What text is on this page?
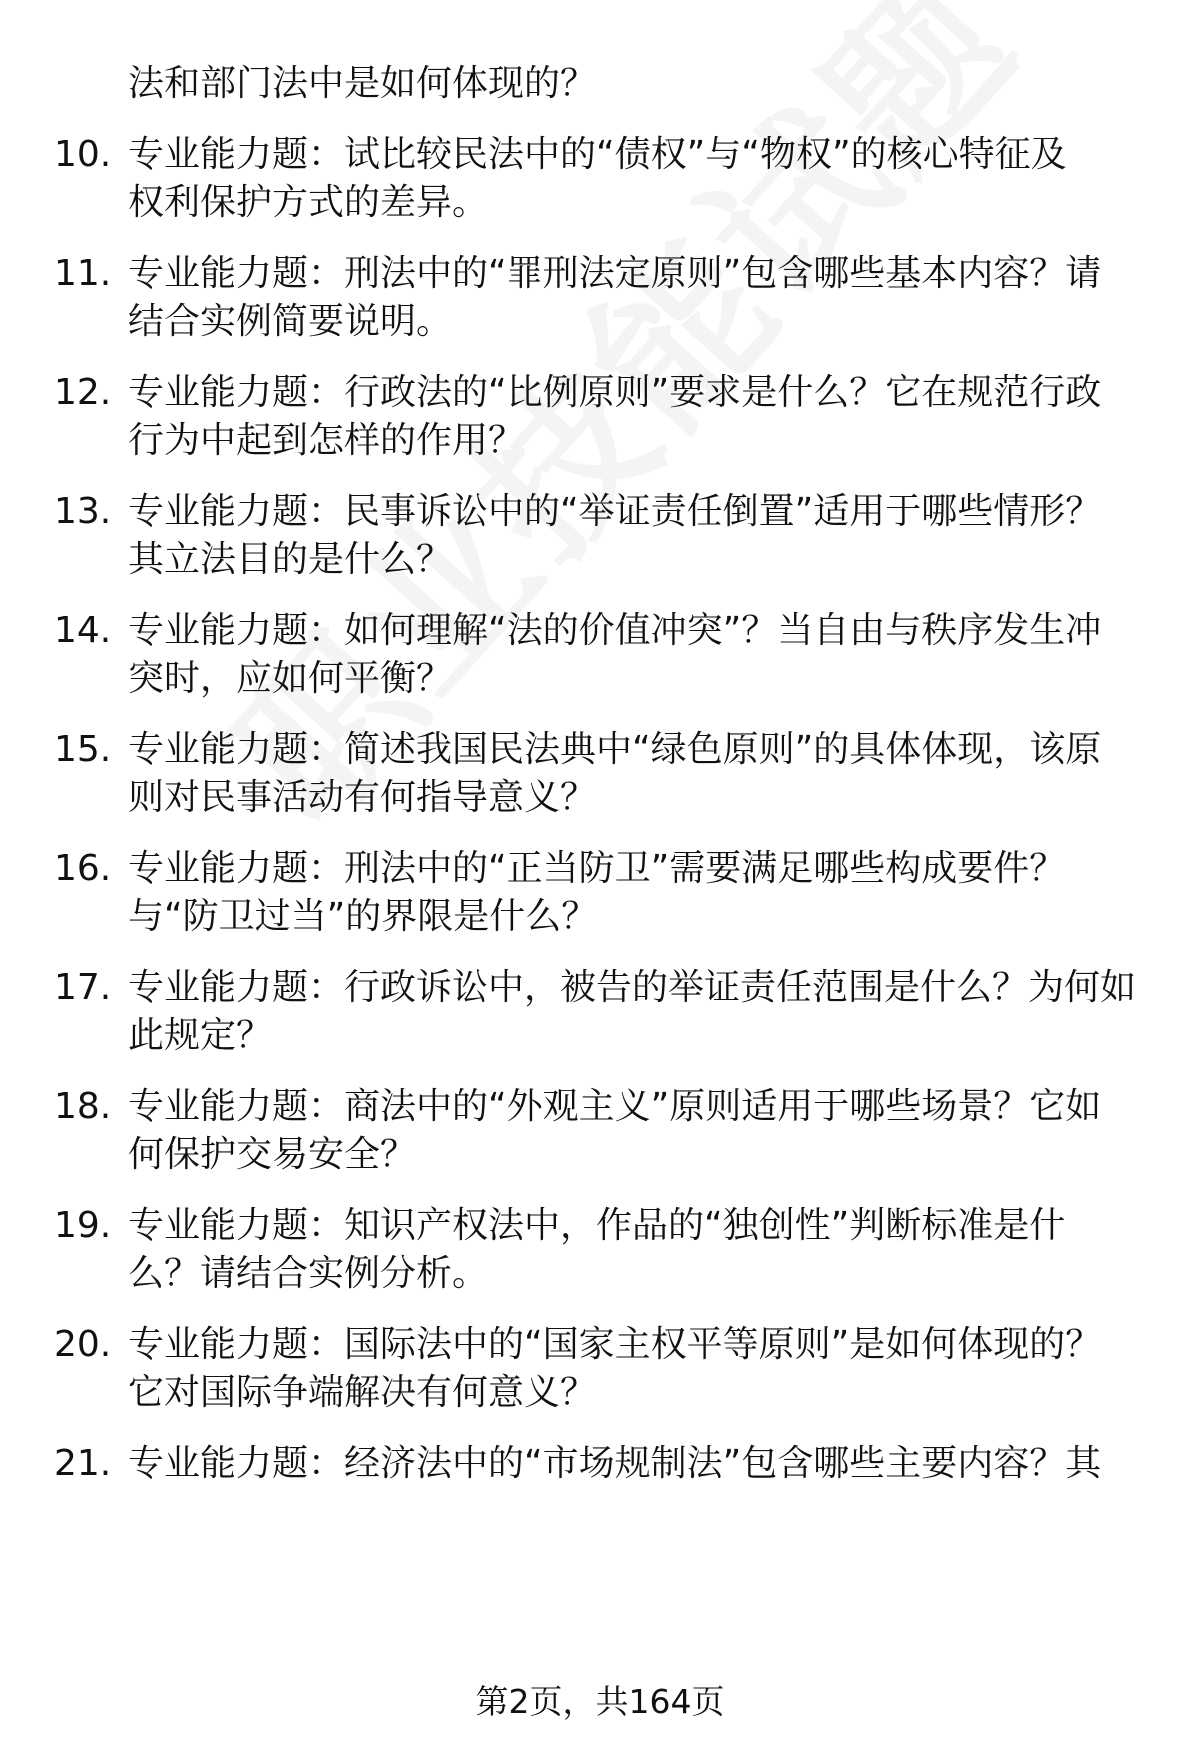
法和部门法中是如何体现的？
10. 专业能力题：试比较民法中的“债权”与“物权”的核心特征及
权利保护方式的差异。
11. 专业能力题：刑法中的“罪刑法定原则”包含哪些基本内容？请
结合实例简要说明。
12. 专业能力题：行政法的“比例原则”要求是什么？它在规范行政
行为中起到怎样的作用？
13. 专业能力题：民事诉讼中的“举证责任倒置”适用于哪些情形？
其立法目的是什么？
14. 专业能力题：如何理解“法的价值冲突”？当自由与秩序发生冲
突时，应如何平衡？
15. 专业能力题：简述我国民法典中“绿色原则”的具体体现，该原
则对民事活动有何指导意义？
16. 专业能力题：刑法中的“正当防卫”需要满足哪些构成要件？
与“防卫过当”的界限是什么？
17. 专业能力题：行政诉讼中，被告的举证责任范围是什么？为何如
此规定？
18. 专业能力题：商法中的“外观主义”原则适用于哪些场景？它如
何保护交易安全？
19. 专业能力题：知识产权法中，作品的“独创性”判断标准是什
么？请结合实例分析。
20. 专业能力题：国际法中的“国家主权平等原则”是如何体现的？
它对国际争端解决有何意义？
21. 专业能力题：经济法中的“市场规制法”包含哪些主要内容？其
第2页，共164页
